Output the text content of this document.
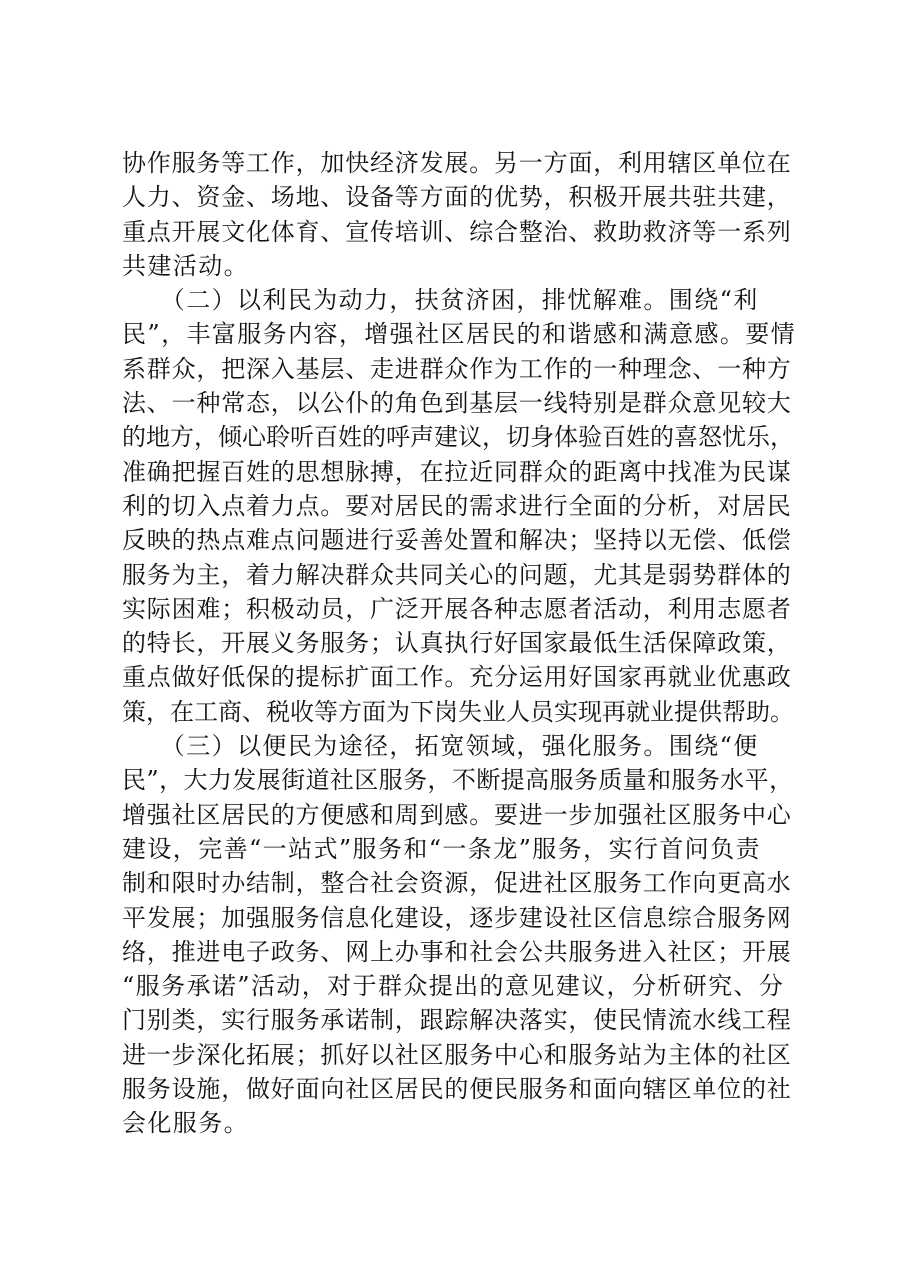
协作服务等工作，加快经济发展。另一方面，利用辖区单位在
人力、资金、场地、设备等方面的优势，积极开展共驻共建，
重点开展文化体育、宣传培训、综合整治、救助救济等一系列
共建活动。
　　（二）以利民为动力，扶贫济困，排忧解难。围绕“利
民”，丰富服务内容，增强社区居民的和谐感和满意感。要情
系群众，把深入基层、走进群众作为工作的一种理念、一种方
法、一种常态，以公仆的角色到基层一线特别是群众意见较大
的地方，倾心聆听百姓的呼声建议，切身体验百姓的喜怒忧乐，
准确把握百姓的思想脉搏，在拉近同群众的距离中找准为民谋
利的切入点着力点。要对居民的需求进行全面的分析，对居民
反映的热点难点问题进行妥善处置和解决；坚持以无偿、低偿
服务为主，着力解决群众共同关心的问题，尤其是弱势群体的
实际困难；积极动员，广泛开展各种志愿者活动，利用志愿者
的特长，开展义务服务；认真执行好国家最低生活保障政策，
重点做好低保的提标扩面工作。充分运用好国家再就业优惠政
策，在工商、税收等方面为下岗失业人员实现再就业提供帮助。
　　（三）以便民为途径，拓宽领域，强化服务。围绕“便
民”，大力发展街道社区服务，不断提高服务质量和服务水平，
增强社区居民的方便感和周到感。要进一步加强社区服务中心
建设，完善“一站式”服务和“一条龙”服务，实行首问负责
制和限时办结制，整合社会资源，促进社区服务工作向更高水
平发展；加强服务信息化建设，逐步建设社区信息综合服务网
络，推进电子政务、网上办事和社会公共服务进入社区；开展
“服务承诺”活动，对于群众提出的意见建议，分析研究、分
门别类，实行服务承诺制，跟踪解决落实，使民情流水线工程
进一步深化拓展；抓好以社区服务中心和服务站为主体的社区
服务设施，做好面向社区居民的便民服务和面向辖区单位的社
会化服务。
